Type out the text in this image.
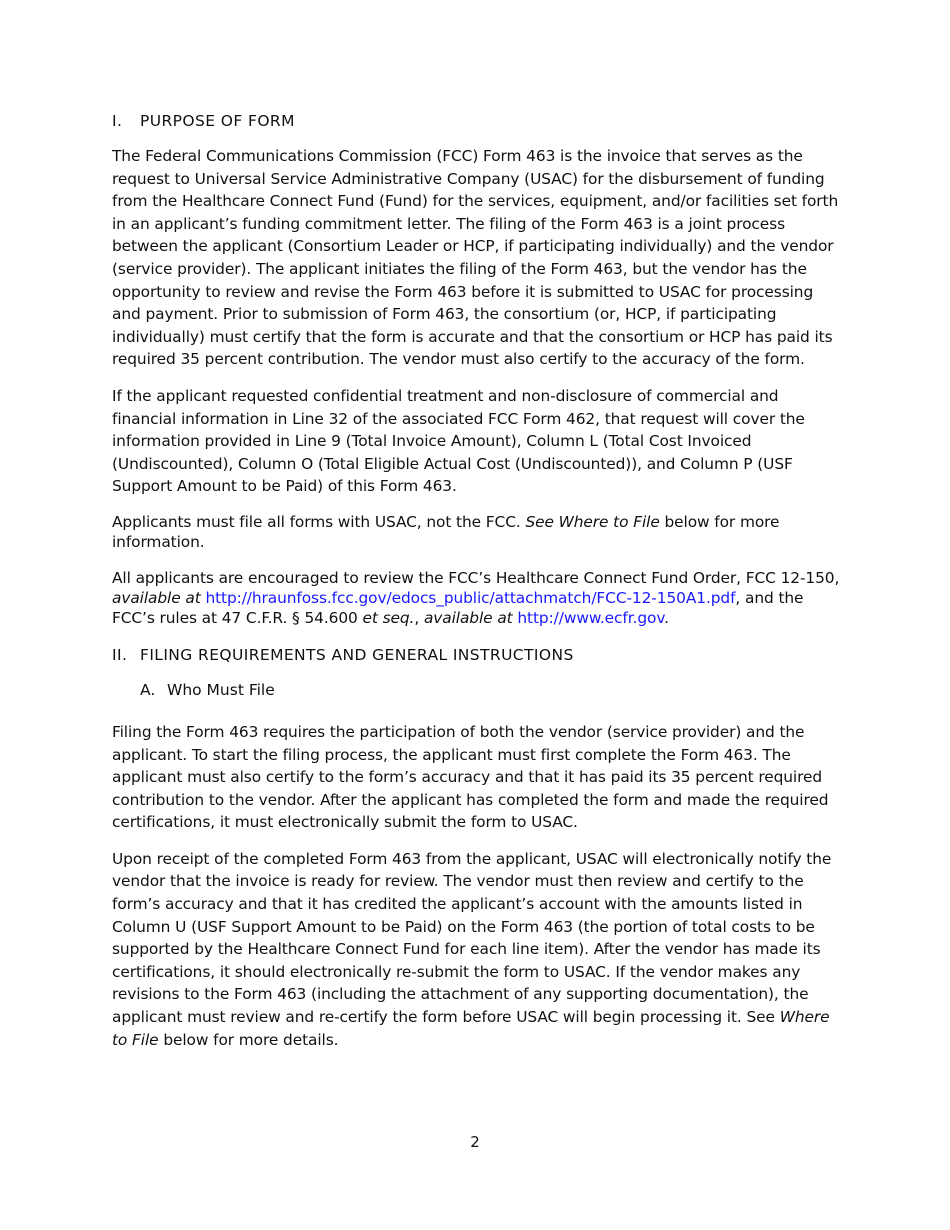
I. PURPOSE OF FORM

The Federal Communications Commission (FCC) Form 463 is the invoice that serves as the request to Universal Service Administrative Company (USAC) for the disbursement of funding from the Healthcare Connect Fund (Fund) for the services, equipment, and/or facilities set forth in an applicant’s funding commitment letter. The filing of the Form 463 is a joint process between the applicant (Consortium Leader or HCP, if participating individually) and the vendor (service provider). The applicant initiates the filing of the Form 463, but the vendor has the opportunity to review and revise the Form 463 before it is submitted to USAC for processing and payment. Prior to submission of Form 463, the consortium (or, HCP, if participating individually) must certify that the form is accurate and that the consortium or HCP has paid its required 35 percent contribution. The vendor must also certify to the accuracy of the form.

If the applicant requested confidential treatment and non-disclosure of commercial and financial information in Line 32 of the associated FCC Form 462, that request will cover the information provided in Line 9 (Total Invoice Amount), Column L (Total Cost Invoiced (Undiscounted), Column O (Total Eligible Actual Cost (Undiscounted)), and Column P (USF Support Amount to be Paid) of this Form 463.

Applicants must file all forms with USAC, not the FCC. See Where to File below for more information.

All applicants are encouraged to review the FCC’s Healthcare Connect Fund Order, FCC 12-150, available at http://hraunfoss.fcc.gov/edocs_public/attachmatch/FCC-12-150A1.pdf, and the FCC’s rules at 47 C.F.R. § 54.600 et seq., available at http://www.ecfr.gov.

II. FILING REQUIREMENTS AND GENERAL INSTRUCTIONS
A. Who Must File

Filing the Form 463 requires the participation of both the vendor (service provider) and the applicant. To start the filing process, the applicant must first complete the Form 463. The applicant must also certify to the form’s accuracy and that it has paid its 35 percent required contribution to the vendor. After the applicant has completed the form and made the required certifications, it must electronically submit the form to USAC.

Upon receipt of the completed Form 463 from the applicant, USAC will electronically notify the vendor that the invoice is ready for review. The vendor must then review and certify to the form’s accuracy and that it has credited the applicant’s account with the amounts listed in Column U (USF Support Amount to be Paid) on the Form 463 (the portion of total costs to be supported by the Healthcare Connect Fund for each line item). After the vendor has made its certifications, it should electronically re-submit the form to USAC. If the vendor makes any revisions to the Form 463 (including the attachment of any supporting documentation), the applicant must review and re-certify the form before USAC will begin processing it. See Where to File below for more details.

2
